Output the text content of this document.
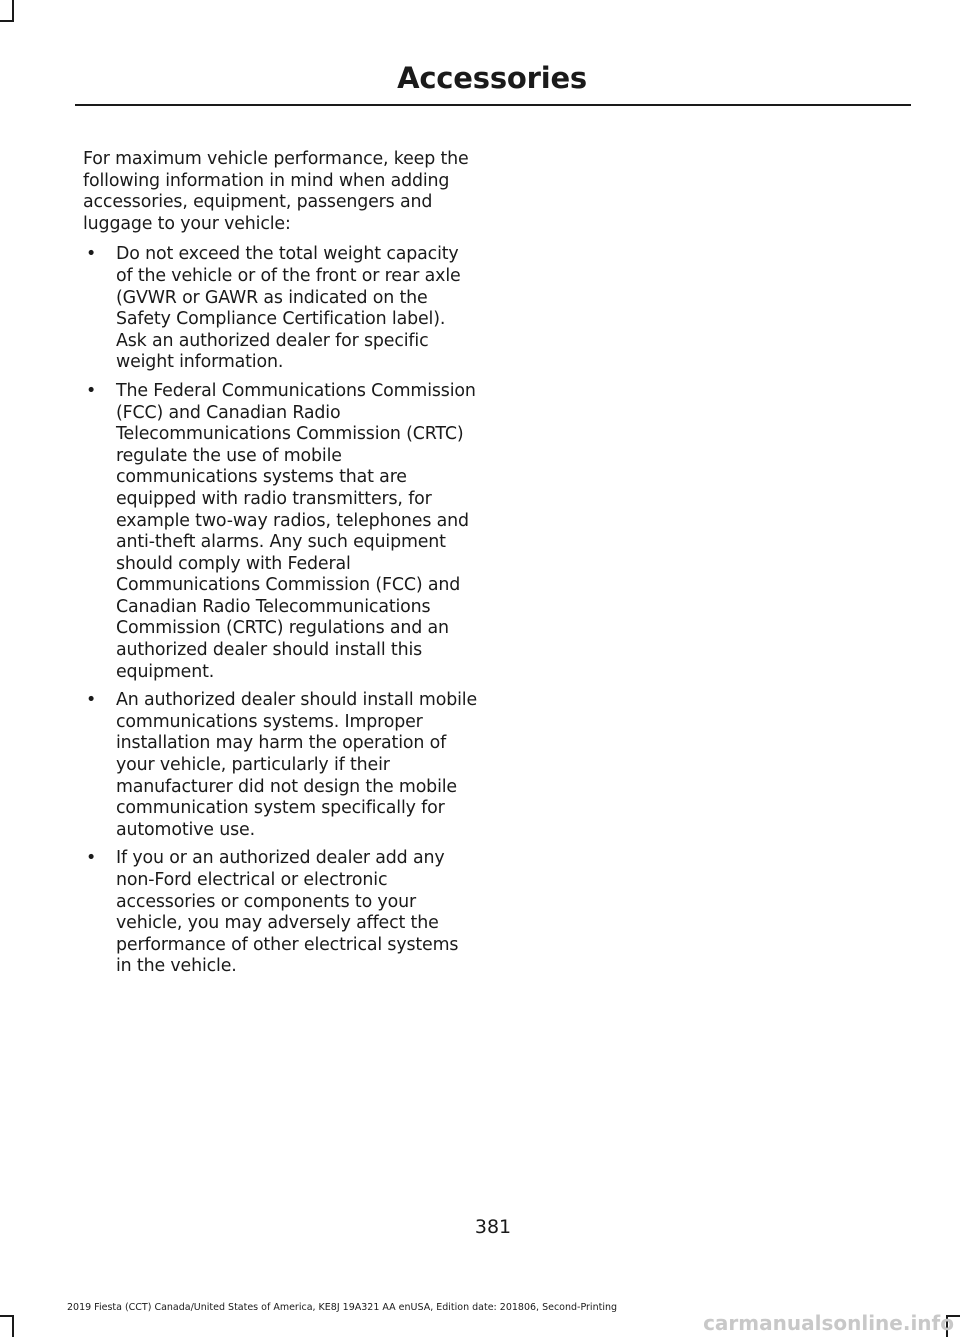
Accessories

For maximum vehicle performance, keep the following information in mind when adding accessories, equipment, passengers and luggage to your vehicle:

• Do not exceed the total weight capacity of the vehicle or of the front or rear axle (GVWR or GAWR as indicated on the Safety Compliance Certification label). Ask an authorized dealer for specific weight information.
• The Federal Communications Commission (FCC) and Canadian Radio Telecommunications Commission (CRTC) regulate the use of mobile communications systems that are equipped with radio transmitters, for example two-way radios, telephones and anti-theft alarms. Any such equipment should comply with Federal Communications Commission (FCC) and Canadian Radio Telecommunications Commission (CRTC) regulations and an authorized dealer should install this equipment.
• An authorized dealer should install mobile communications systems. Improper installation may harm the operation of your vehicle, particularly if their manufacturer did not design the mobile communication system specifically for automotive use.
• If you or an authorized dealer add any non-Ford electrical or electronic accessories or components to your vehicle, you may adversely affect the performance of other electrical systems in the vehicle.
381
2019 Fiesta (CCT) Canada/United States of America, KE8J 19A321 AA enUSA, Edition date: 201806, Second-Printing
carmanualsonline.info
